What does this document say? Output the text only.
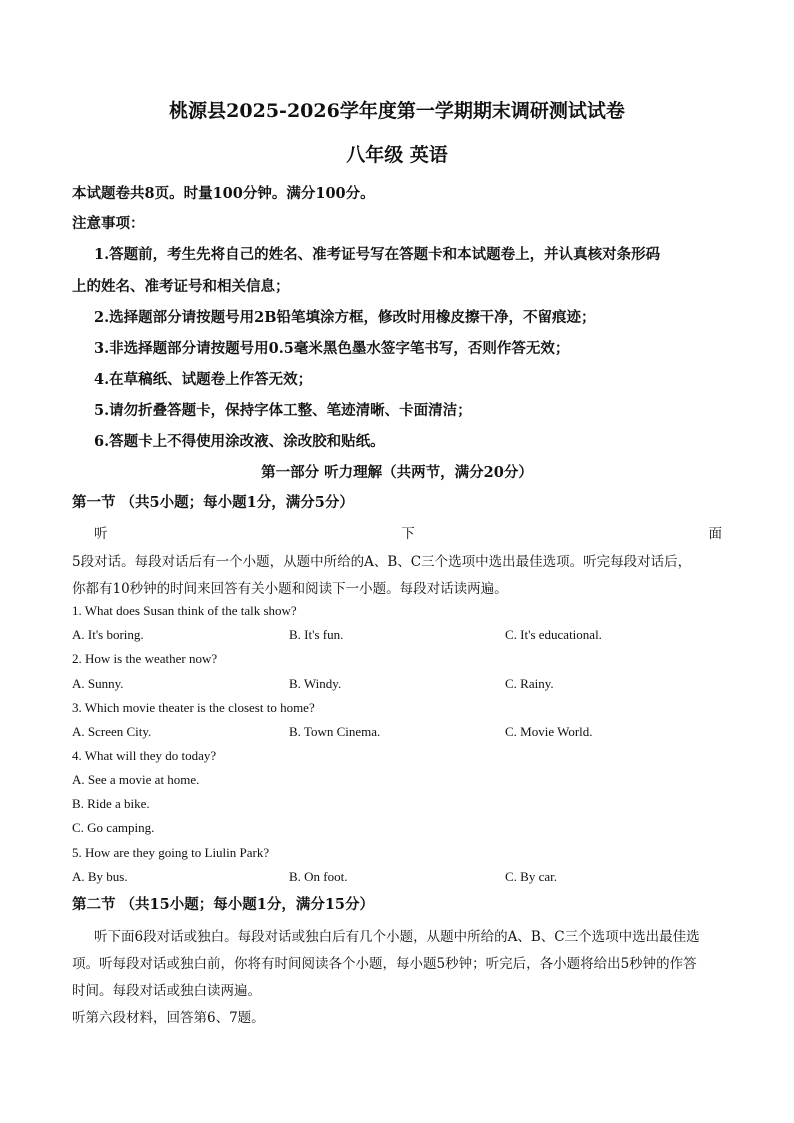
桃源县2025-2026学年度第一学期期末调研测试试卷
八年级 英语
本试题卷共8页。时量100分钟。满分100分。
注意事项：
1.答题前，考生先将自己的姓名、准考证号写在答题卡和本试题卷上，并认真核对条形码
上的姓名、准考证号和相关信息；
2.选择题部分请按题号用2B铅笔填涂方框，修改时用橡皮擦干净，不留痕迹；
3.非选择题部分请按题号用0.5毫米黑色墨水签字笔书写，否则作答无效；
4.在草稿纸、试题卷上作答无效；
5.请勿折叠答题卡，保持字体工整、笔迹清晰、卡面清洁；
6.答题卡上不得使用涂改液、涂改胶和贴纸。
第一部分 听力理解（共两节，满分20分）
第一节 （共5小题；每小题1分，满分5分）
听	下	面
5段对话。每段对话后有一个小题，从题中所给的A、B、C三个选项中选出最佳选项。听完每段对话后，
你都有10秒钟的时间来回答有关小题和阅读下一小题。每段对话读两遍。
1. What does Susan think of the talk show?
A. It's boring.	B. It's fun.	C. It's educational.
2. How is the weather now?
A. Sunny.	B. Windy.	C. Rainy.
3. Which movie theater is the closest to home?
A. Screen City.	B. Town Cinema.	C. Movie World.
4. What will they do today?
A. See a movie at home.
B. Ride a bike.
C. Go camping.
5. How are they going to Liulin Park?
A. By bus.	B. On foot.	C. By car.
第二节 （共15小题；每小题1分，满分15分）
听下面6段对话或独白。每段对话或独白后有几个小题，从题中所给的A、B、C三个选项中选出最佳选
项。听每段对话或独白前，你将有时间阅读各个小题，每小题5秒钟；听完后，各小题将给出5秒钟的作答
时间。每段对话或独白读两遍。
听第六段材料，回答第6、7题。
